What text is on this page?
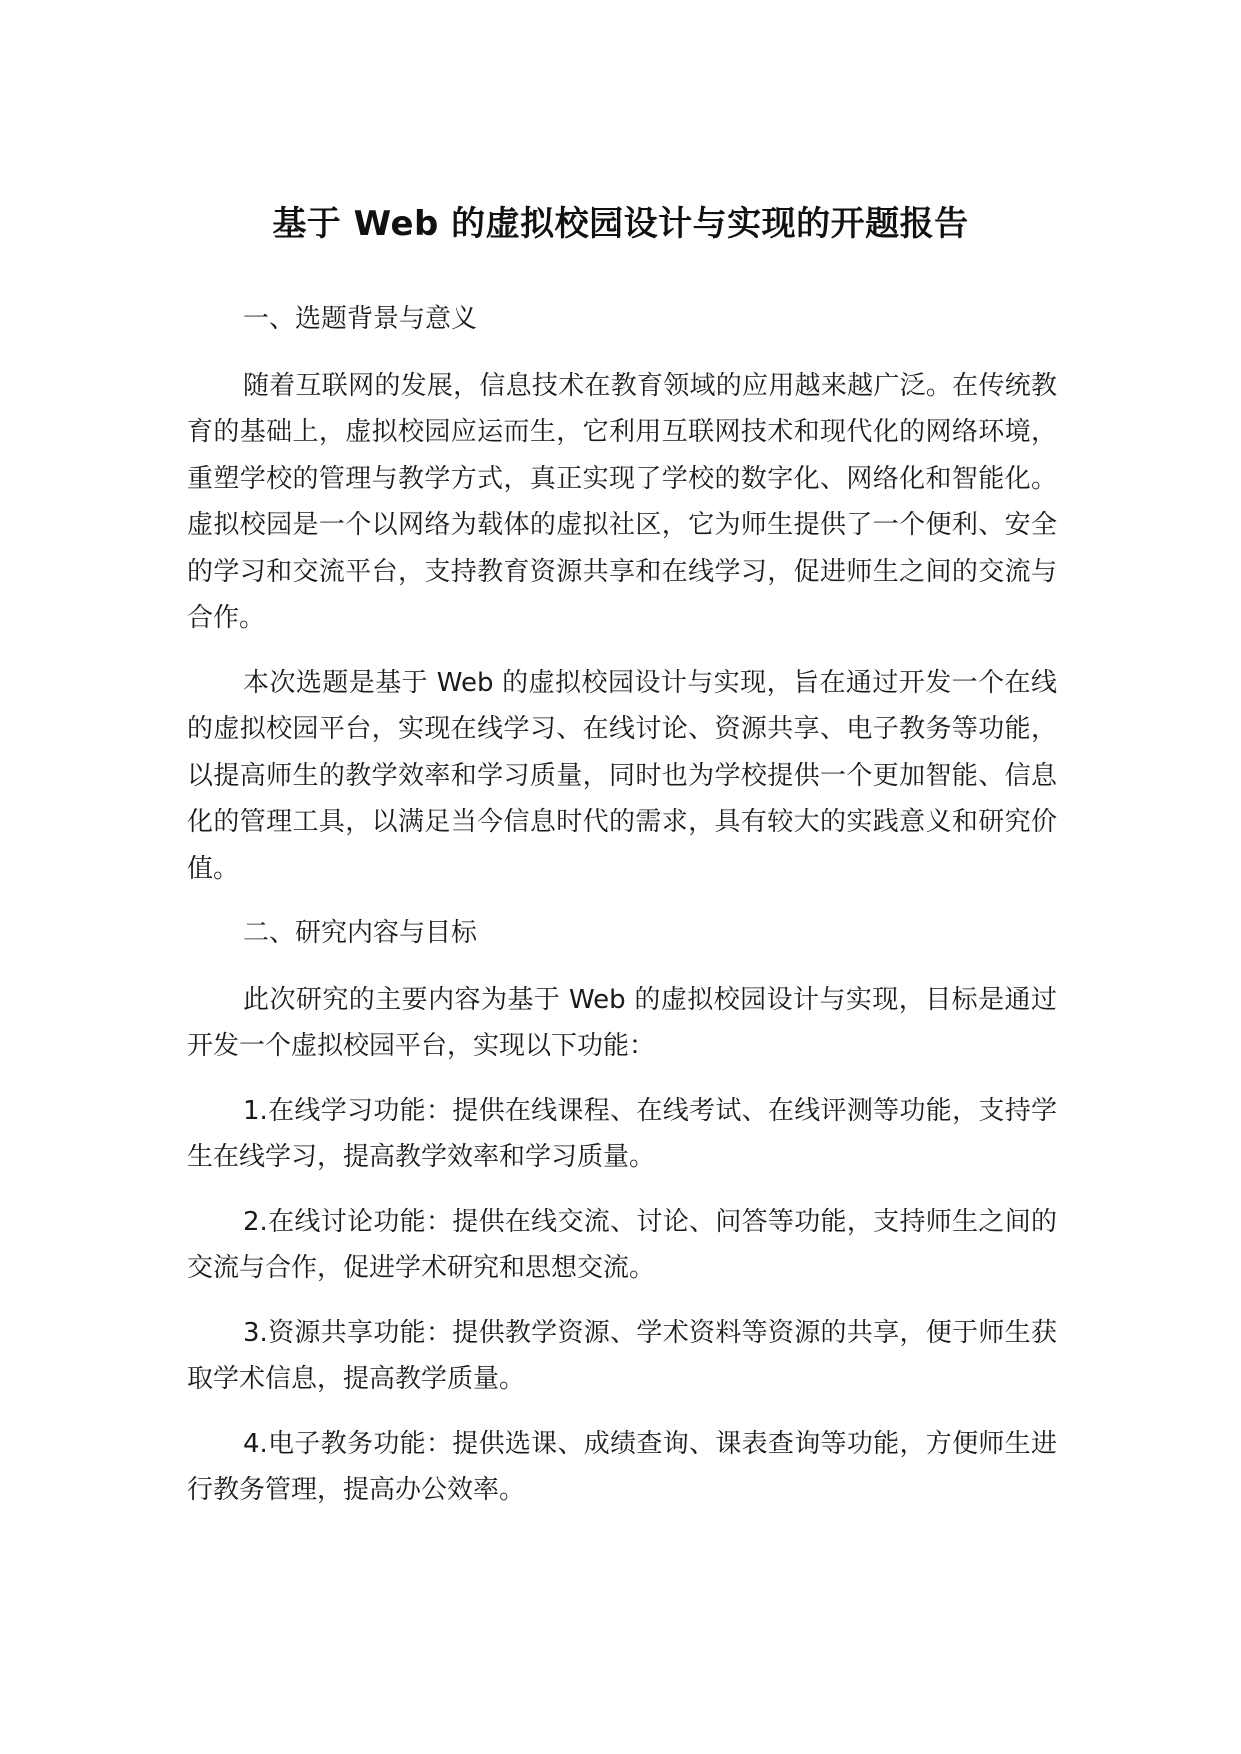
基于 Web 的虚拟校园设计与实现的开题报告

一、选题背景与意义

随着互联网的发展，信息技术在教育领域的应用越来越广泛。在传统教育的基础上，虚拟校园应运而生，它利用互联网技术和现代化的网络环境，重塑学校的管理与教学方式，真正实现了学校的数字化、网络化和智能化。虚拟校园是一个以网络为载体的虚拟社区，它为师生提供了一个便利、安全的学习和交流平台，支持教育资源共享和在线学习，促进师生之间的交流与合作。

本次选题是基于 Web 的虚拟校园设计与实现，旨在通过开发一个在线的虚拟校园平台，实现在线学习、在线讨论、资源共享、电子教务等功能，以提高师生的教学效率和学习质量，同时也为学校提供一个更加智能、信息化的管理工具，以满足当今信息时代的需求，具有较大的实践意义和研究价值。

二、研究内容与目标

此次研究的主要内容为基于 Web 的虚拟校园设计与实现，目标是通过开发一个虚拟校园平台，实现以下功能：

1.在线学习功能：提供在线课程、在线考试、在线评测等功能，支持学生在线学习，提高教学效率和学习质量。

2.在线讨论功能：提供在线交流、讨论、问答等功能，支持师生之间的交流与合作，促进学术研究和思想交流。

3.资源共享功能：提供教学资源、学术资料等资源的共享，便于师生获取学术信息，提高教学质量。

4.电子教务功能：提供选课、成绩查询、课表查询等功能，方便师生进行教务管理，提高办公效率。
